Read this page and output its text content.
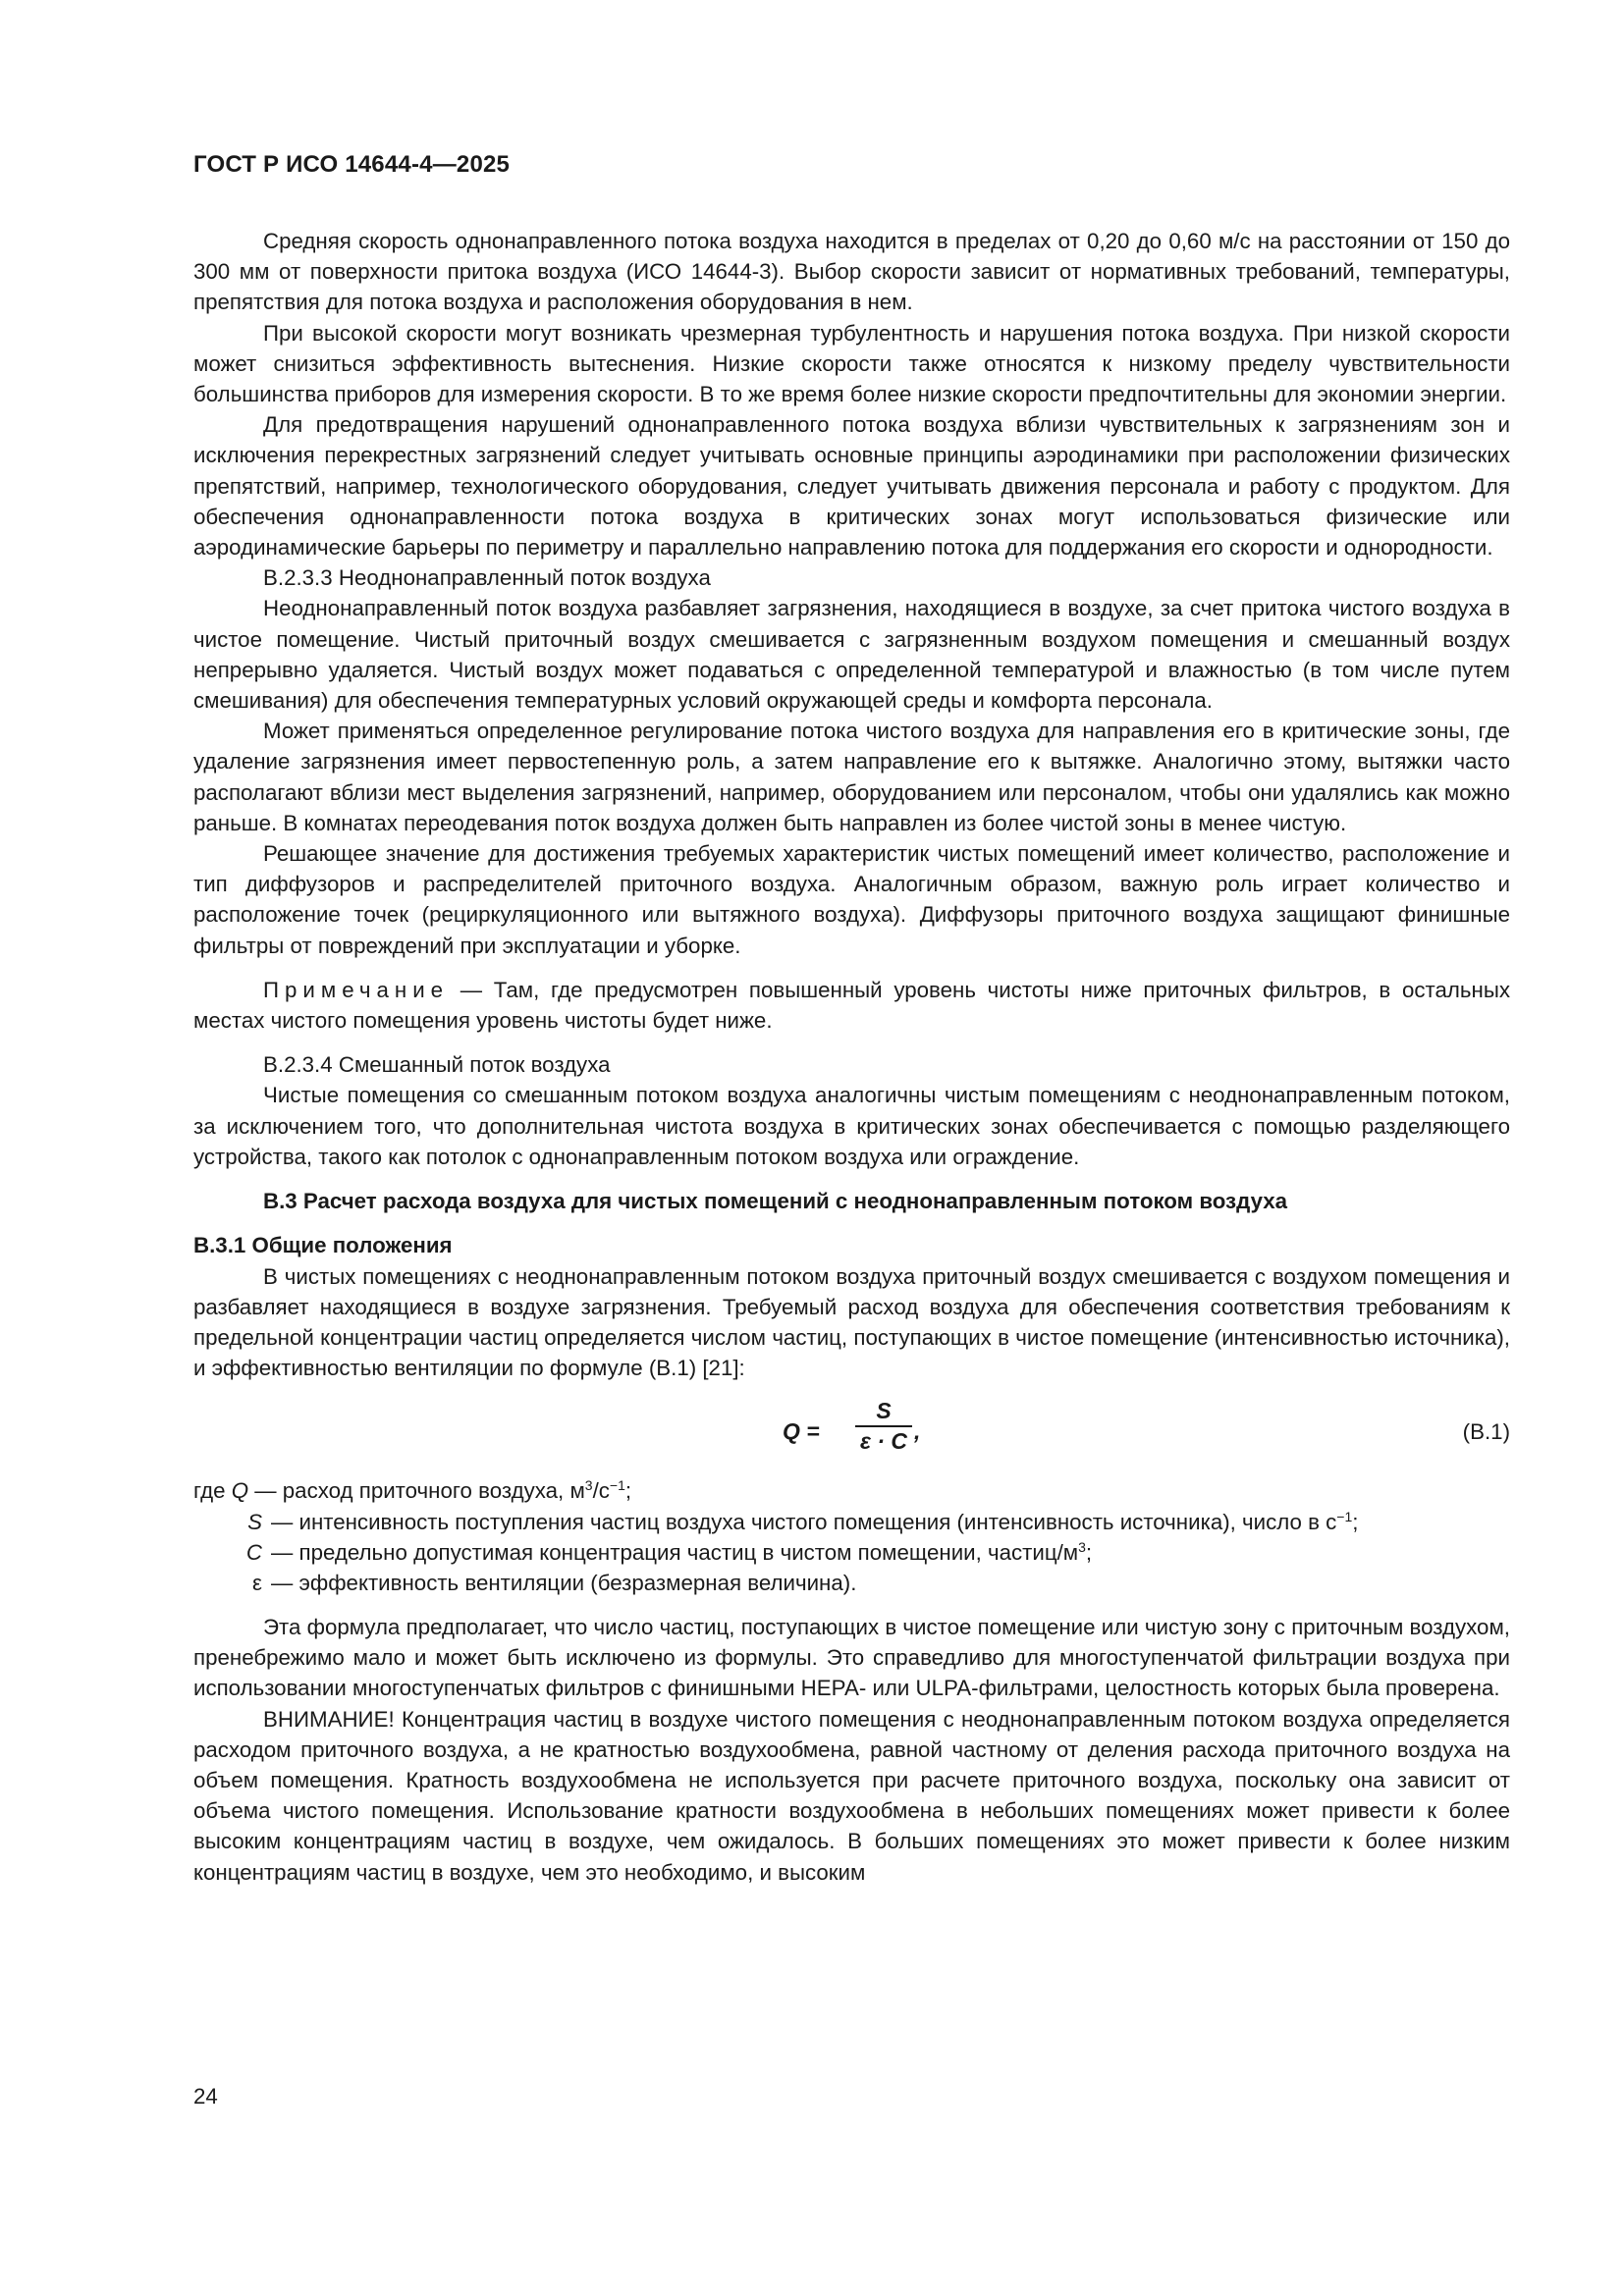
ГОСТ Р ИСО 14644-4—2025

Средняя скорость однонаправленного потока воздуха находится в пределах от 0,20 до 0,60 м/с на расстоянии от 150 до 300 мм от поверхности притока воздуха (ИСО 14644-3). Выбор скорости зависит от нормативных требований, температуры, препятствия для потока воздуха и расположения оборудования в нем.

При высокой скорости могут возникать чрезмерная турбулентность и нарушения потока воздуха. При низкой скорости может снизиться эффективность вытеснения. Низкие скорости также относятся к низкому пределу чувствительности большинства приборов для измерения скорости. В то же время более низкие скорости предпочтительны для экономии энергии.

Для предотвращения нарушений однонаправленного потока воздуха вблизи чувствительных к загрязнениям зон и исключения перекрестных загрязнений следует учитывать основные принципы аэродинамики при расположении физических препятствий, например, технологического оборудования, следует учитывать движения персонала и работу с продуктом. Для обеспечения однонаправленности потока воздуха в критических зонах могут использоваться физические или аэродинамические барьеры по периметру и параллельно направлению потока для поддержания его скорости и однородности.

В.2.3.3 Неоднонаправленный поток воздуха

Неоднонаправленный поток воздуха разбавляет загрязнения, находящиеся в воздухе, за счет притока чистого воздуха в чистое помещение. Чистый приточный воздух смешивается с загрязненным воздухом помещения и смешанный воздух непрерывно удаляется. Чистый воздух может подаваться с определенной температурой и влажностью (в том числе путем смешивания) для обеспечения температурных условий окружающей среды и комфорта персонала.

Может применяться определенное регулирование потока чистого воздуха для направления его в критические зоны, где удаление загрязнения имеет первостепенную роль, а затем направление его к вытяжке. Аналогично этому, вытяжки часто располагают вблизи мест выделения загрязнений, например, оборудованием или персоналом, чтобы они удалялись как можно раньше. В комнатах переодевания поток воздуха должен быть направлен из более чистой зоны в менее чистую.

Решающее значение для достижения требуемых характеристик чистых помещений имеет количество, расположение и тип диффузоров и распределителей приточного воздуха. Аналогичным образом, важную роль играет количество и расположение точек (рециркуляционного или вытяжного воздуха). Диффузоры приточного воздуха защищают финишные фильтры от повреждений при эксплуатации и уборке.

Примечание — Там, где предусмотрен повышенный уровень чистоты ниже приточных фильтров, в остальных местах чистого помещения уровень чистоты будет ниже.

В.2.3.4 Смешанный поток воздуха

Чистые помещения со смешанным потоком воздуха аналогичны чистым помещениям с неоднонаправленным потоком, за исключением того, что дополнительная чистота воздуха в критических зонах обеспечивается с помощью разделяющего устройства, такого как потолок с однонаправленным потоком воздуха или ограждение.

В.3 Расчет расхода воздуха для чистых помещений с неоднонаправленным потоком воздуха

В.3.1 Общие положения

В чистых помещениях с неоднонаправленным потоком воздуха приточный воздух смешивается с воздухом помещения и разбавляет находящиеся в воздухе загрязнения. Требуемый расход воздуха для обеспечения соответствия требованиям к предельной концентрации частиц определяется числом частиц, поступающих в чистое помещение (интенсивностью источника), и эффективностью вентиляции по формуле (В.1) [21]:

Q =
S
ε · C ,	(В.1)
где Q — расход приточного воздуха, $м^3/с^{-1}$;
S — интенсивность поступления частиц воздуха чистого помещения (интенсивность источника), число в $с^{-1}$;
C — предельно допустимая концентрация частиц в чистом помещении, частиц/$м^3$;
ε — эффективность вентиляции (безразмерная величина).

Эта формула предполагает, что число частиц, поступающих в чистое помещение или чистую зону с приточным воздухом, пренебрежимо мало и может быть исключено из формулы. Это справедливо для многоступенчатой фильтрации воздуха при использовании многоступенчатых фильтров с финишными НЕРА- или ULPA-фильтрами, целостность которых была проверена.

ВНИМАНИЕ! Концентрация частиц в воздухе чистого помещения с неоднонаправленным потоком воздуха определяется расходом приточного воздуха, а не кратностью воздухообмена, равной частному от деления расхода приточного воздуха на объем помещения. Кратность воздухообмена не используется при расчете приточного воздуха, поскольку она зависит от объема чистого помещения. Использование кратности воздухообмена в небольших помещениях может привести к более высоким концентрациям частиц в воздухе, чем ожидалось. В больших помещениях это может привести к более низким концентрациям частиц в воздухе, чем это необходимо, и высоким

24
